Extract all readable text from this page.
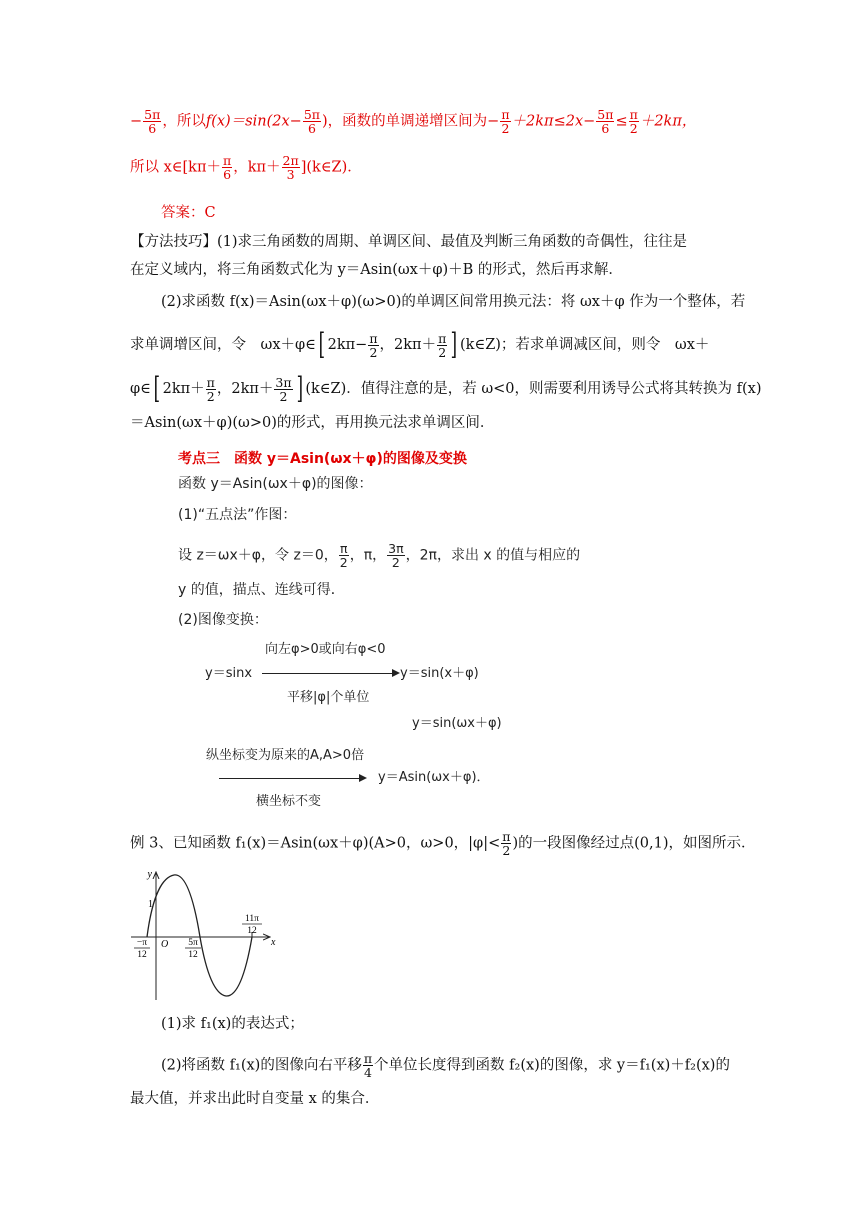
− $\frac{5\pi}{6}$ ，所以$f(x)=\sin(2x- \frac{5\pi}{6}$ )，函数的单调递增区间为− $\frac{\pi}{2} +2k\pi\le 2x- \frac{5\pi}{6} \le \frac{\pi}{2} +2k\pi$，
所以 x∈[kπ＋ $\frac{\pi}{6}$ ，$k\pi+ \frac{2\pi}{3}$ ](k∈Z)．
答案：C
【方法技巧】(1)求三角函数的周期、单调区间、最值及判断三角函数的奇偶性，往往是
在定义域内，将三角函数式化为 y＝Asin(ωx＋φ)＋B 的形式，然后再求解．
(2)求函数 f(x)＝Asin(ωx＋φ)(ω>0)的单调区间常用换元法：将 ωx＋φ 作为一个整体，若
求单调增区间，令　ωx＋φ∈[ $2k\pi- \frac{\pi}{2}$ ，$2k\pi+ \frac{\pi}{2}$ ] (k∈Z)；若求单调减区间，则令　ωx＋
φ∈[ $2k\pi+ \frac{\pi}{2}$ ，$2k\pi+ \frac{3\pi}{2}$ ] (k∈Z)．值得注意的是，若 ω<0，则需要利用诱导公式将其转换为 f(x)
＝Asin(ωx＋φ)(ω>0)的形式，再用换元法求单调区间．
考点三　函数 y＝Asin(ωx＋φ)的图像及变换
函数 y＝Asin(ωx＋φ)的图像：
(1)“五点法”作图：
设 z＝ωx＋φ，令 z＝0， $\frac{\pi}{2}$ ，π， $\frac{3\pi}{2}$ ，2π，求出 x 的值与相应的
y 的值，描点、连线可得．
(2)图像变换：
向左φ>0或向右φ<0
y＝sinx	y＝sin(x＋φ)
平移|φ|个单位
y＝sin(ωx＋φ)
纵坐标变为原来的A,A>0倍
y＝Asin(ωx＋φ)．
横坐标不变
例 3、已知函数 f₁(x)＝Asin(ωx＋φ)(A>0，ω>0，$|\varphi|< \frac{\pi}{2}$ )的一段图像经过点(0,1)，如图所示．
y
x
O
1
−π
12
5π
12
11π
12
(1)求 f₁(x)的表达式；
(2)将函数 f₁(x)的图像向右平移 $\frac{\pi}{4}$ 个单位长度得到函数 f₂(x)的图像，求 y＝f₁(x)＋f₂(x)的
最大值，并求出此时自变量 x 的集合．
